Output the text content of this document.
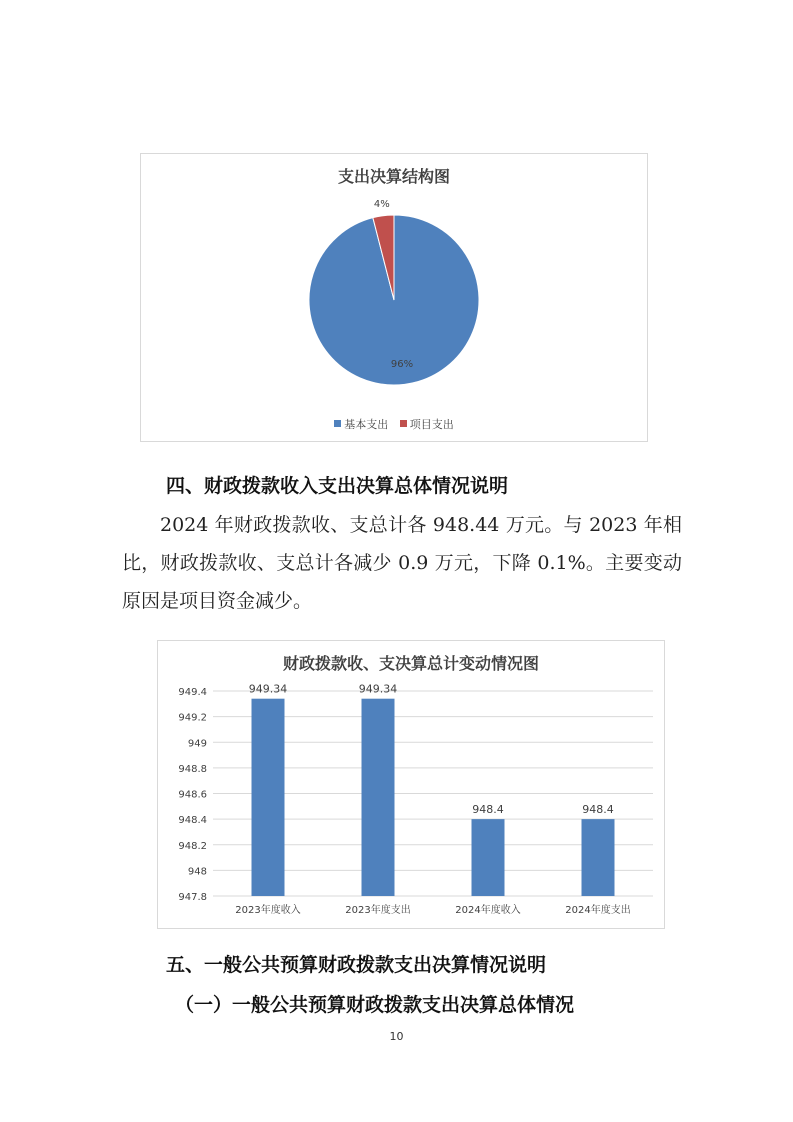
支出决算结构图
96%
4%
基本支出 项目支出
四、财政拨款收入支出决算总体情况说明

2024 年财政拨款收、支总计各 948.44 万元。与 2023 年相比，财政拨款收、支总计各减少 0.9 万元，下降 0.1%。主要变动原因是项目资金减少。

财政拨款收、支决算总计变动情况图
947.8
948
948.2
948.4
948.6
948.8
949
949.2
949.4	949.34
2023年度收入
949.34
2023年度支出
948.4
2024年度收入
948.4
2024年度支出
五、一般公共预算财政拨款支出决算情况说明
（一）一般公共预算财政拨款支出决算总体情况
10
